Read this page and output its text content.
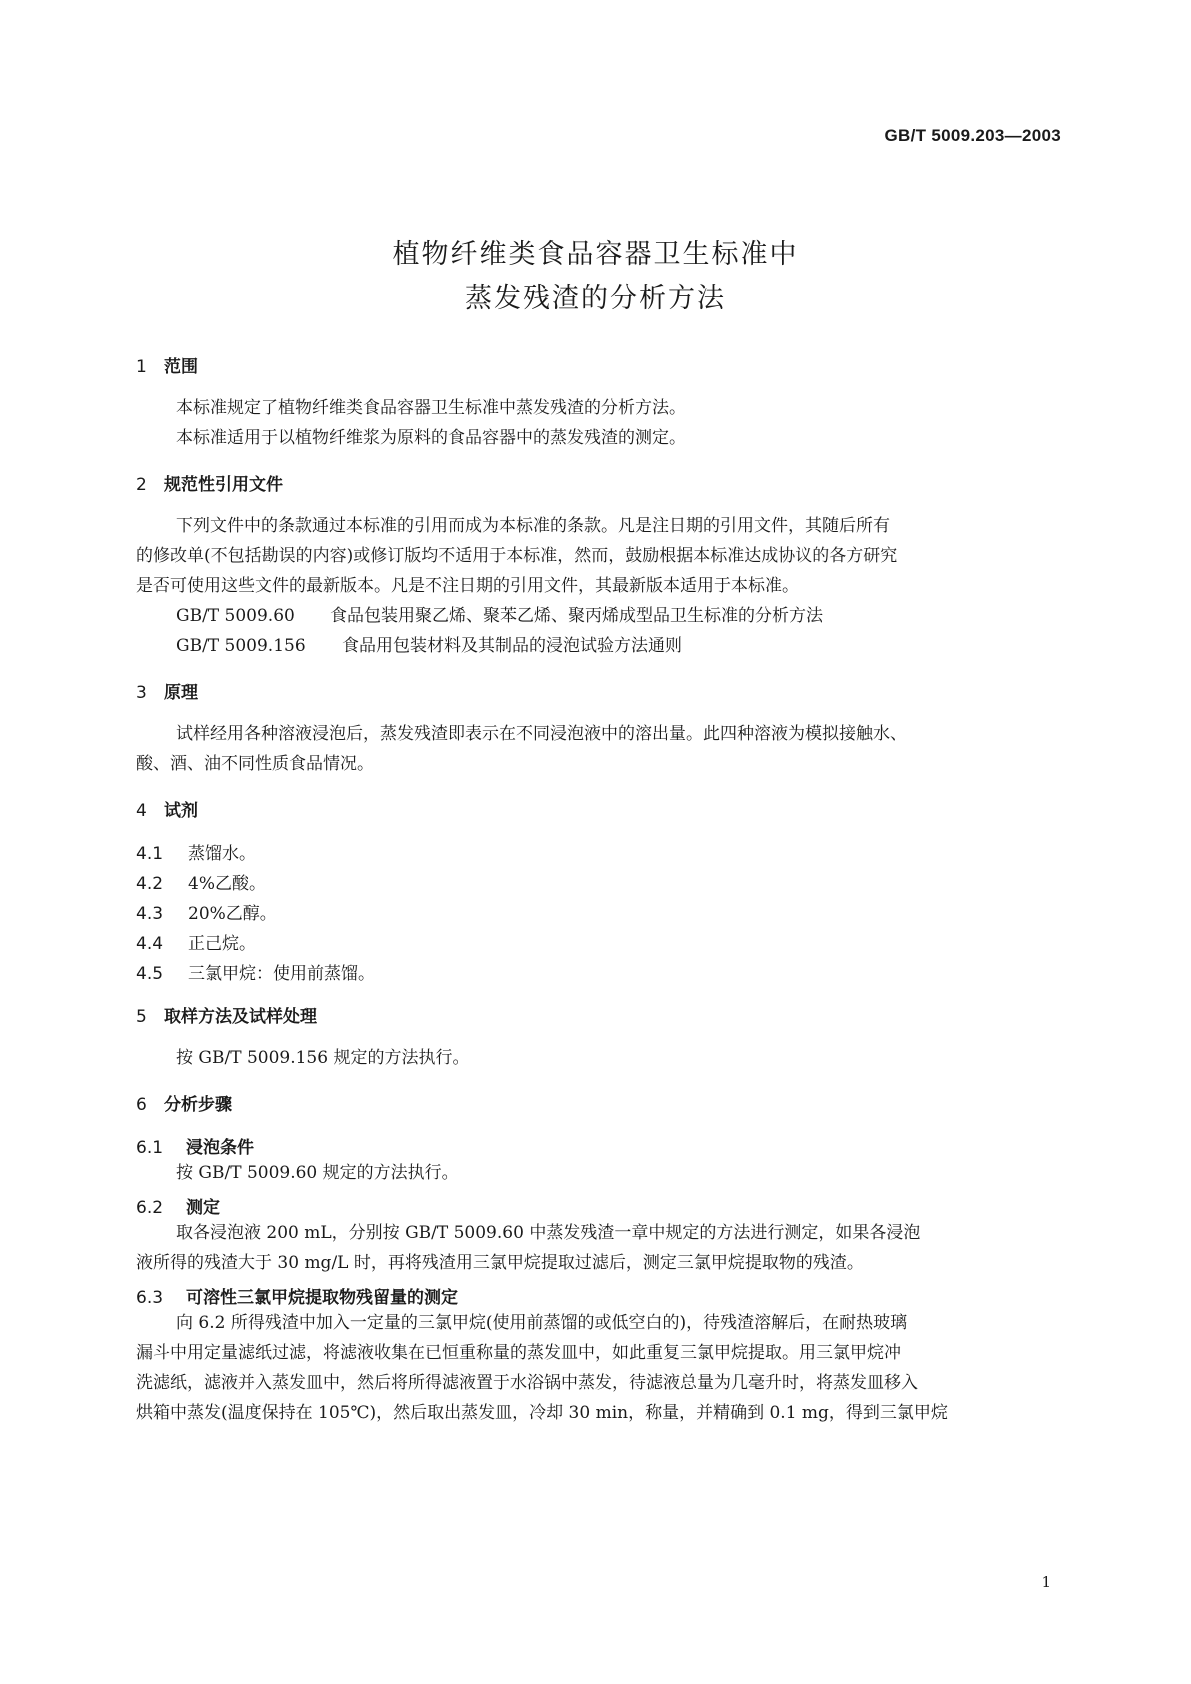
GB/T 5009.203—2003
植物纤维类食品容器卫生标准中
蒸发残渣的分析方法
1 范围
本标准规定了植物纤维类食品容器卫生标准中蒸发残渣的分析方法。
本标准适用于以植物纤维浆为原料的食品容器中的蒸发残渣的测定。
2 规范性引用文件
下列文件中的条款通过本标准的引用而成为本标准的条款。凡是注日期的引用文件，其随后所有
的修改单(不包括勘误的内容)或修订版均不适用于本标准，然而，鼓励根据本标准达成协议的各方研究
是否可使用这些文件的最新版本。凡是不注日期的引用文件，其最新版本适用于本标准。
GB/T 5009.60 食品包装用聚乙烯、聚苯乙烯、聚丙烯成型品卫生标准的分析方法
GB/T 5009.156 食品用包装材料及其制品的浸泡试验方法通则
3 原理
试样经用各种溶液浸泡后，蒸发残渣即表示在不同浸泡液中的溶出量。此四种溶液为模拟接触水、
酸、酒、油不同性质食品情况。
4 试剂
4.1 蒸馏水。
4.2 4%乙酸。
4.3 20%乙醇。
4.4 正己烷。
4.5 三氯甲烷：使用前蒸馏。
5 取样方法及试样处理
按 GB/T 5009.156 规定的方法执行。
6 分析步骤
6.1 浸泡条件
按 GB/T 5009.60 规定的方法执行。
6.2 测定
取各浸泡液 200 mL，分别按 GB/T 5009.60 中蒸发残渣一章中规定的方法进行测定，如果各浸泡
液所得的残渣大于 30 mg/L 时，再将残渣用三氯甲烷提取过滤后，测定三氯甲烷提取物的残渣。
6.3 可溶性三氯甲烷提取物残留量的测定
向 6.2 所得残渣中加入一定量的三氯甲烷(使用前蒸馏的或低空白的)，待残渣溶解后，在耐热玻璃
漏斗中用定量滤纸过滤，将滤液收集在已恒重称量的蒸发皿中，如此重复三氯甲烷提取。用三氯甲烷冲
洗滤纸，滤液并入蒸发皿中，然后将所得滤液置于水浴锅中蒸发，待滤液总量为几毫升时，将蒸发皿移入
烘箱中蒸发(温度保持在 105℃)，然后取出蒸发皿，冷却 30 min，称量，并精确到 0.1 mg，得到三氯甲烷
1
